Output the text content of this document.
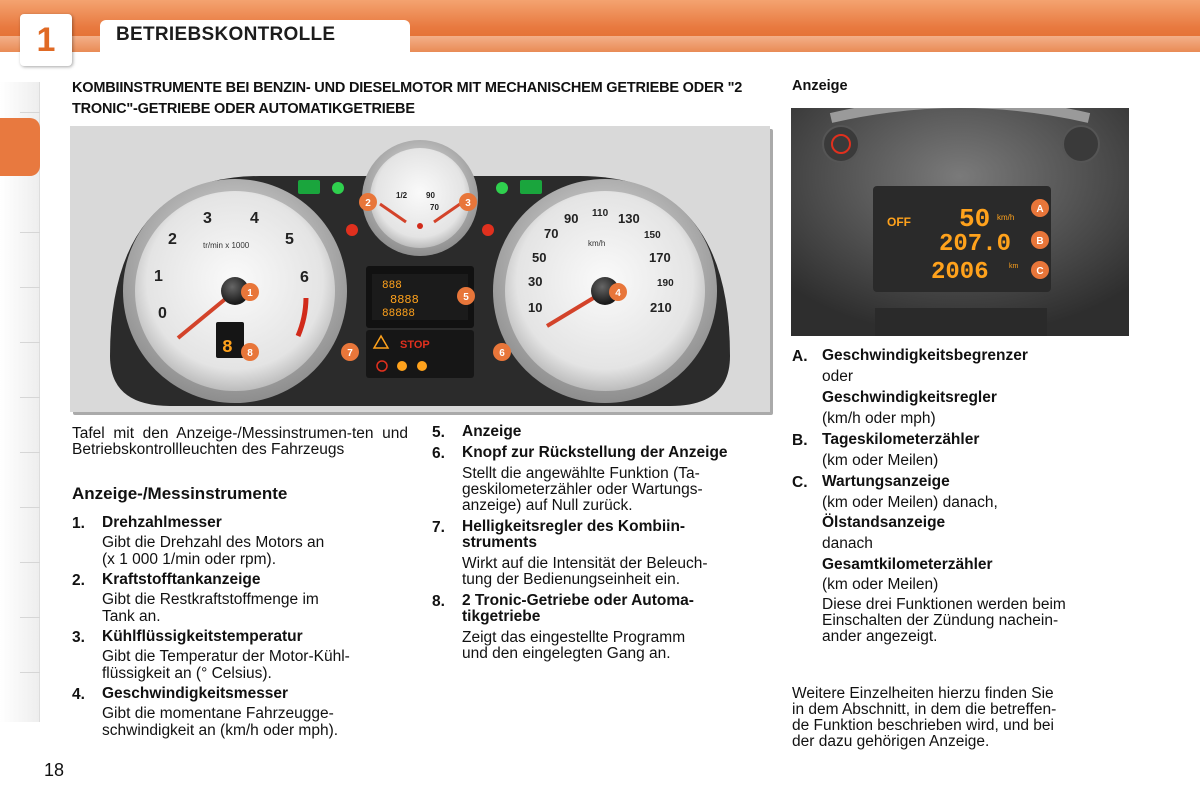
1	BETRIEBSKONTROLLE
KOMBIINSTRUMENTE BEI BENZIN- UND DIESELMOTOR MIT MECHANISCHEM GETRIEBE ODER "2 TRONIC"-GETRIEBE ODER AUTOMATIKGETRIEBE
Anzeige
0
1
2
3 4
5
6
tr/min x 1000
8
10
30
50
70
90 110 130
150
170
190
210
km/h
1/2 90
70
888
8888
88888
STOP
1
2	3
4
5
6
7
8
OFF 50 km/h
207.0
2006	km
A
B
C
Tafel mit den Anzeige-/Messinstrumen-ten und Betriebskontrollleuchten des Fahrzeugs
Anzeige-/Messinstrumente
1. Drehzahlmesser
Gibt die Drehzahl des Motors an
(x 1 000 1/min oder rpm).
2. Kraftstofftankanzeige
Gibt die Restkraftstoffmenge im
Tank an.
3. Kühlflüssigkeitstemperatur
Gibt die Temperatur der Motor-Kühl-
flüssigkeit an (° Celsius).
4. Geschwindigkeitsmesser
Gibt die momentane Fahrzeugge-
schwindigkeit an (km/h oder mph).
5. Anzeige
6. Knopf zur Rückstellung der Anzeige
Stellt die angewählte Funktion (Ta-
geskilometerzähler oder Wartungs-
anzeige) auf Null zurück.
7. Helligkeitsregler des Kombiin-
struments
Wirkt auf die Intensität der Beleuch-
tung der Bedienungseinheit ein.
8. 2 Tronic-Getriebe oder Automa-
tikgetriebe
Zeigt das eingestellte Programm
und den eingelegten Gang an.
A. Geschwindigkeitsbegrenzer
oder
Geschwindigkeitsregler
(km/h oder mph)
B. Tageskilometerzähler
(km oder Meilen)
C. Wartungsanzeige
(km oder Meilen) danach,
Ölstandsanzeige
danach
Gesamtkilometerzähler
(km oder Meilen)
Diese drei Funktionen werden beim
Einschalten der Zündung nachein-
ander angezeigt.
Weitere Einzelheiten hierzu finden Sie
in dem Abschnitt, in dem die betreffen-
de Funktion beschrieben wird, und bei
der dazu gehörigen Anzeige.
18
